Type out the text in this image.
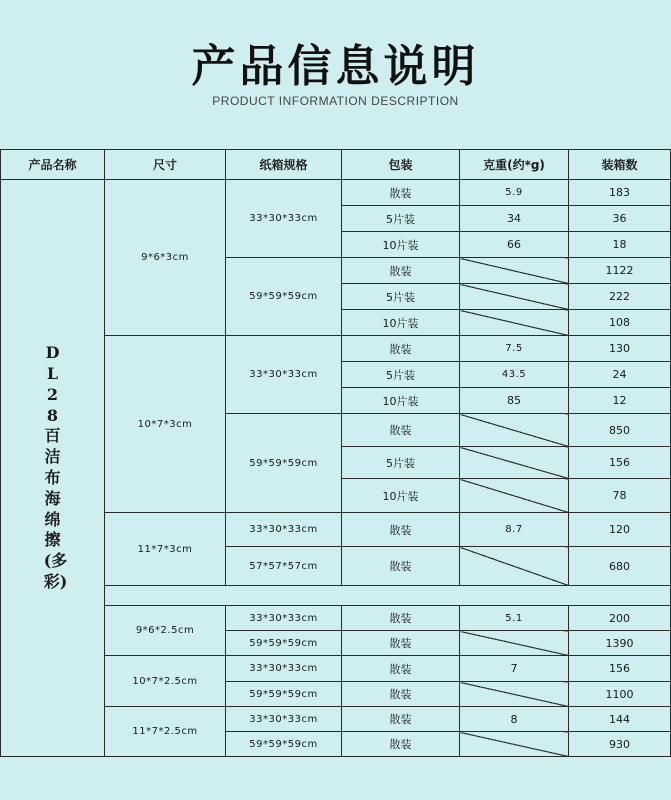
产品信息说明
PRODUCT INFORMATION DESCRIPTION
产品名称	尺寸	纸箱规格	包装	克重(约*g)	装箱数
DL28百洁布海绵擦(多彩)	9*6*3cm	33*30*33cm	散装	5.9	183
			5片装	34	36
			10片装	66	18
		59*59*59cm	散装		1122
			5片装		222
			10片装		108
	10*7*3cm	33*30*33cm	散装	7.5	130
			5片装	43.5	24
			10片装	85	12
		59*59*59cm	散装		850
			5片装		156
			10片装		78
	11*7*3cm	33*30*33cm	散装	8.7	120
		57*57*57cm	散装		680

	9*6*2.5cm	33*30*33cm	散装	5.1	200
		59*59*59cm	散装		1390
	10*7*2.5cm	33*30*33cm	散装	7	156
		59*59*59cm	散装		1100
	11*7*2.5cm	33*30*33cm	散装	8	144
		59*59*59cm	散装		930
